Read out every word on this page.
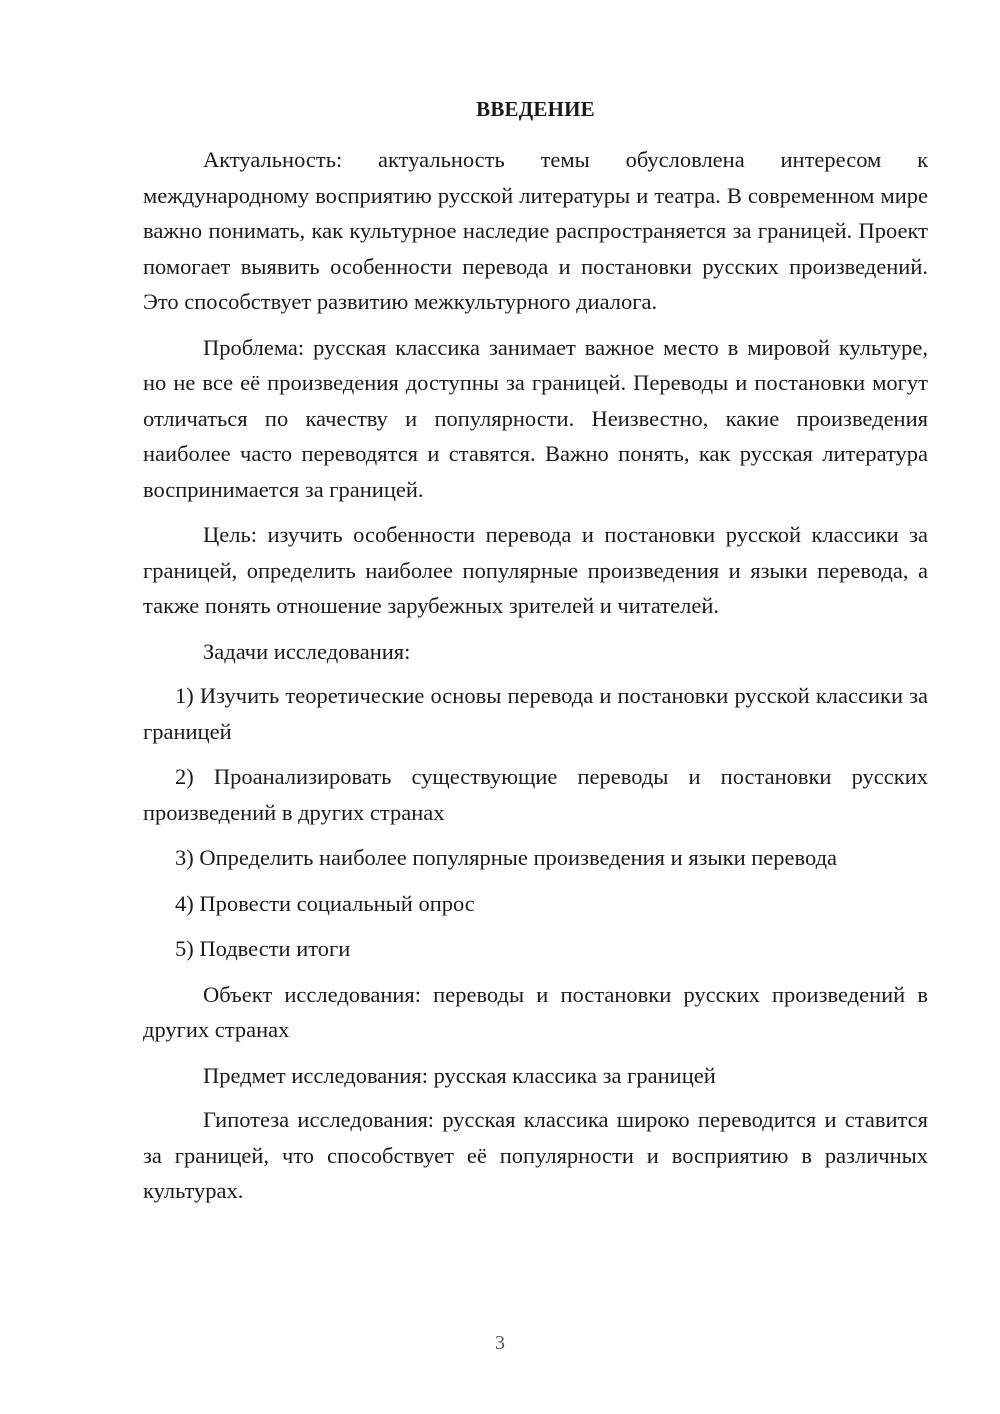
ВВЕДЕНИЕ

Актуальность: актуальность темы обусловлена интересом к международному восприятию русской литературы и театра. В современном мире важно понимать, как культурное наследие распространяется за границей. Проект помогает выявить особенности перевода и постановки русских произведений. Это способствует развитию межкультурного диалога.

Проблема: русская классика занимает важное место в мировой культуре, но не все её произведения доступны за границей. Переводы и постановки могут отличаться по качеству и популярности. Неизвестно, какие произведения наиболее часто переводятся и ставятся. Важно понять, как русская литература воспринимается за границей.

Цель: изучить особенности перевода и постановки русской классики за границей, определить наиболее популярные произведения и языки перевода, а также понять отношение зарубежных зрителей и читателей.

Задачи исследования:

1) Изучить теоретические основы перевода и постановки русской классики за границей

2) Проанализировать существующие переводы и постановки русских произведений в других странах

3) Определить наиболее популярные произведения и языки перевода

4) Провести социальный опрос

5) Подвести итоги

Объект исследования: переводы и постановки русских произведений в других странах

Предмет исследования: русская классика за границей

Гипотеза исследования: русская классика широко переводится и ставится за границей, что способствует её популярности и восприятию в различных культурах.

3
